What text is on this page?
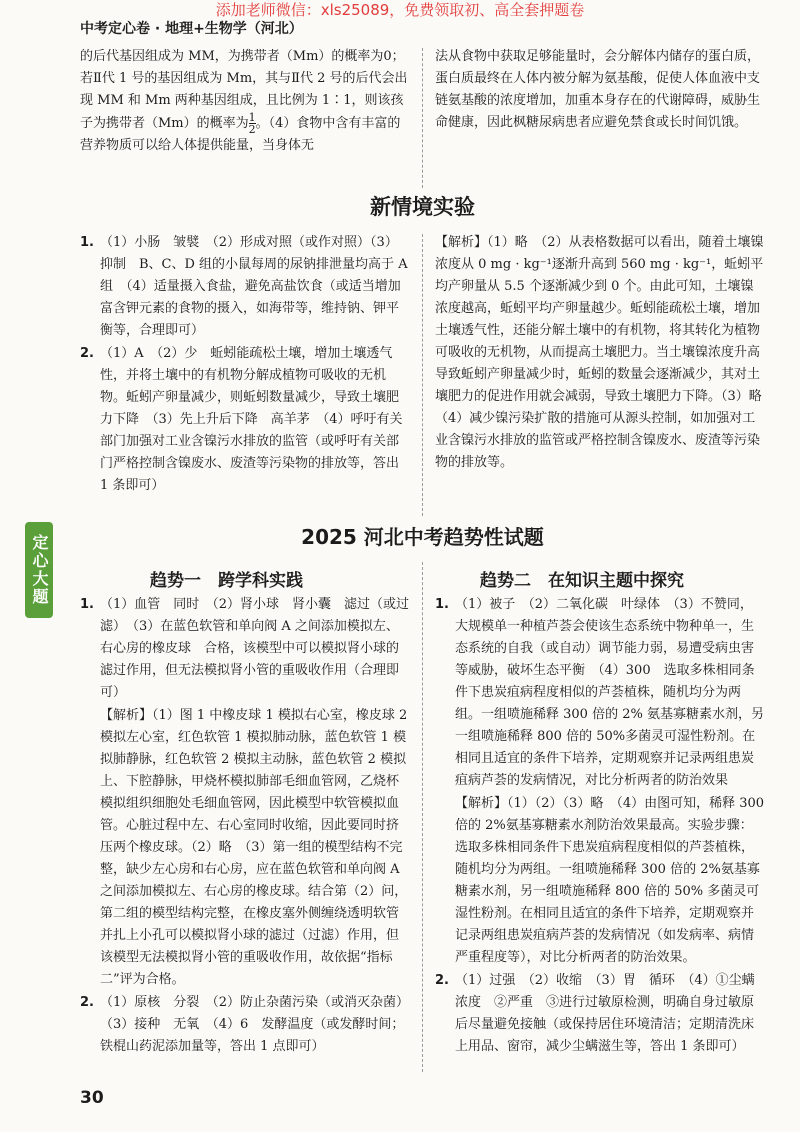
添加老师微信：xls25089，免费领取初、高全套押题卷
中考定心卷 · 地理+生物学（河北）
定心大题

的后代基因组成为 MM，为携带者（Mm）的概率为0；若Ⅱ代 1 号的基因组成为 Mm，其与Ⅱ代 2 号的后代会出现 MM 和 Mm 两种基因组成，且比例为 1∶1，则该孩子为携带者（Mm）的概率为 $\frac{1}{2}$ 。（4）食物中含有丰富的营养物质可以给人体提供能量，当身体无

法从食物中获取足够能量时，会分解体内储存的蛋白质，蛋白质最终在人体内被分解为氨基酸，促使人体血液中支链氨基酸的浓度增加，加重本身存在的代谢障碍，威胁生命健康，因此枫糖尿病患者应避免禁食或长时间饥饿。

新情境实验
1. （1）小肠　皱襞　（2）形成对照（或作对照）（3）抑制　B、C、D 组的小鼠每周的尿钠排泄量均高于 A 组　（4）适量摄入食盐，避免高盐饮食（或适当增加富含钾元素的食物的摄入，如海带等，维持钠、钾平衡等，合理即可）
2. （1）A　（2）少　蚯蚓能疏松土壤，增加土壤透气性，并将土壤中的有机物分解成植物可吸收的无机物。蚯蚓产卵量减少，则蚯蚓数量减少，导致土壤肥力下降　（3）先上升后下降　高羊茅　（4）呼吁有关部门加强对工业含镍污水排放的监管（或呼吁有关部门严格控制含镍废水、废渣等污染物的排放等，答出 1 条即可）

【解析】（1）略　（2）从表格数据可以看出，随着土壤镍浓度从 0 mg · kg⁻¹逐渐升高到 560 mg · kg⁻¹，蚯蚓平均产卵量从 5.5 个逐渐减少到 0 个。由此可知，土壤镍浓度越高，蚯蚓平均产卵量越少。蚯蚓能疏松土壤，增加土壤透气性，还能分解土壤中的有机物，将其转化为植物可吸收的无机物，从而提高土壤肥力。当土壤镍浓度升高导致蚯蚓产卵量减少时，蚯蚓的数量会逐渐减少，其对土壤肥力的促进作用就会减弱，导致土壤肥力下降。（3）略　（4）减少镍污染扩散的措施可从源头控制，如加强对工业含镍污水排放的监管或严格控制含镍废水、废渣等污染物的排放等。

2025 河北中考趋势性试题
趋势一　跨学科实践	趋势二　在知识主题中探究
1. （1）血管　同时　（2）肾小球　肾小囊　滤过（或过滤）　（3）在蓝色软管和单向阀 A 之间添加模拟左、右心房的橡皮球　合格，该模型中可以模拟肾小球的滤过作用，但无法模拟肾小管的重吸收作用（合理即可）
【解析】（1）图 1 中橡皮球 1 模拟右心室，橡皮球 2 模拟左心室，红色软管 1 模拟肺动脉，蓝色软管 1 模拟肺静脉，红色软管 2 模拟主动脉，蓝色软管 2 模拟上、下腔静脉，甲烧杯模拟肺部毛细血管网，乙烧杯模拟组织细胞处毛细血管网，因此模型中软管模拟血管。心脏过程中左、右心室同时收缩，因此要同时挤压两个橡皮球。（2）略　（3）第一组的模型结构不完整，缺少左心房和右心房，应在蓝色软管和单向阀 A 之间添加模拟左、右心房的橡皮球。结合第（2）问，第二组的模型结构完整，在橡皮塞外侧缠绕透明软管并扎上小孔可以模拟肾小球的滤过（过滤）作用，但该模型无法模拟肾小管的重吸收作用，故依据“指标二”评为合格。
2. （1）原核　分裂　（2）防止杂菌污染（或消灭杂菌）　（3）接种　无氧　（4）6　发酵温度（或发酵时间；铁棍山药泥添加量等，答出 1 点即可）
1. （1）被子　（2）二氧化碳　叶绿体　（3）不赞同，大规模单一种植芦荟会使该生态系统中物种单一，生态系统的自我（或自动）调节能力弱，易遭受病虫害等威胁，破坏生态平衡　（4）300　选取多株相同条件下患炭疽病程度相似的芦荟植株，随机均分为两组。一组喷施稀释 300 倍的 2% 氨基寡糖素水剂，另一组喷施稀释 800 倍的 50%多菌灵可湿性粉剂。在相同且适宜的条件下培养，定期观察并记录两组患炭疽病芦荟的发病情况，对比分析两者的防治效果
【解析】（1）（2）（3）略　（4）由图可知，稀释 300 倍的 2%氨基寡糖素水剂防治效果最高。实验步骤：选取多株相同条件下患炭疽病程度相似的芦荟植株，随机均分为两组。一组喷施稀释 300 倍的 2%氨基寡糖素水剂，另一组喷施稀释 800 倍的 50% 多菌灵可湿性粉剂。在相同且适宜的条件下培养，定期观察并记录两组患炭疽病芦荟的发病情况（如发病率、病情严重程度等），对比分析两者的防治效果。
2. （1）过强　（2）收缩　（3）胃　循环　（4）①尘螨浓度　②严重　③进行过敏原检测，明确自身过敏原后尽量避免接触（或保持居住环境清洁；定期清洗床上用品、窗帘，减少尘螨滋生等，答出 1 条即可）
30
